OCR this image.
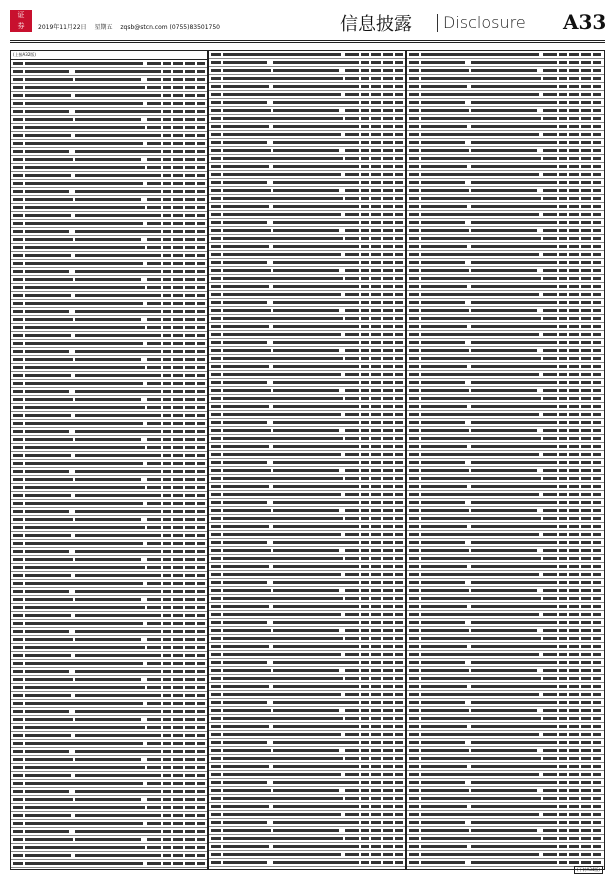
证
券	2019年11月22日 星期五 zqsb@stcn.com (0755)83501750	信息披露 Disclosure A33
(上接A32版)
(下转A34版)
